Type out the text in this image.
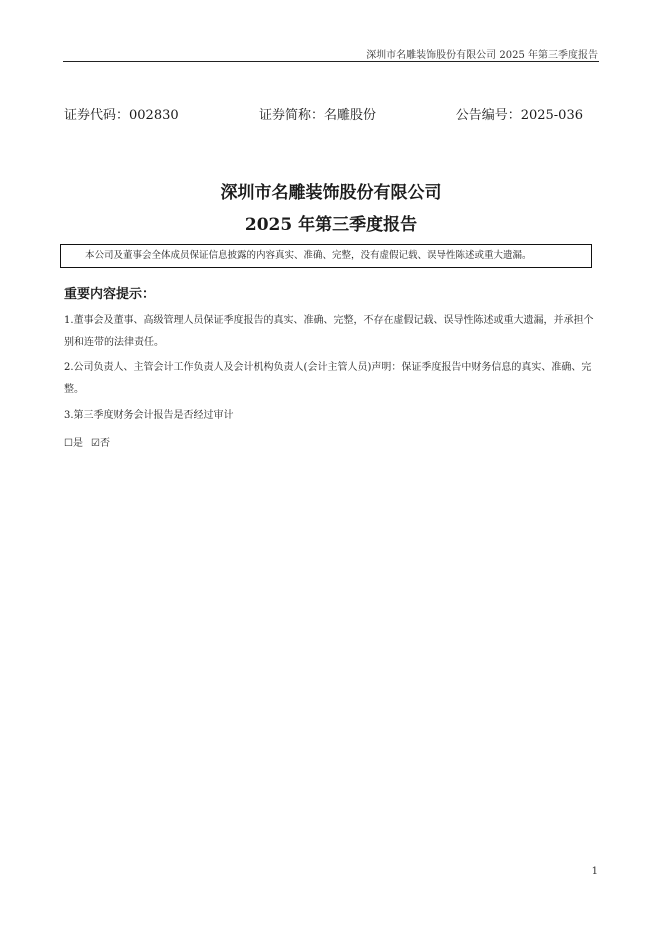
深圳市名雕装饰股份有限公司 2025 年第三季度报告
证券代码：002830	证券简称：名雕股份	公告编号：2025-036
深圳市名雕装饰股份有限公司
2025 年第三季度报告
本公司及董事会全体成员保证信息披露的内容真实、准确、完整，没有虚假记载、误导性陈述或重大遗漏。
重要内容提示：
1.董事会及董事、高级管理人员保证季度报告的真实、准确、完整，不存在虚假记载、误导性陈述或重大遗漏，并承担个别和连带的法律责任。
2.公司负责人、主管会计工作负责人及会计机构负责人(会计主管人员)声明：保证季度报告中财务信息的真实、准确、完整。
3.第三季度财务会计报告是否经过审计
☐是 ☑否
1
